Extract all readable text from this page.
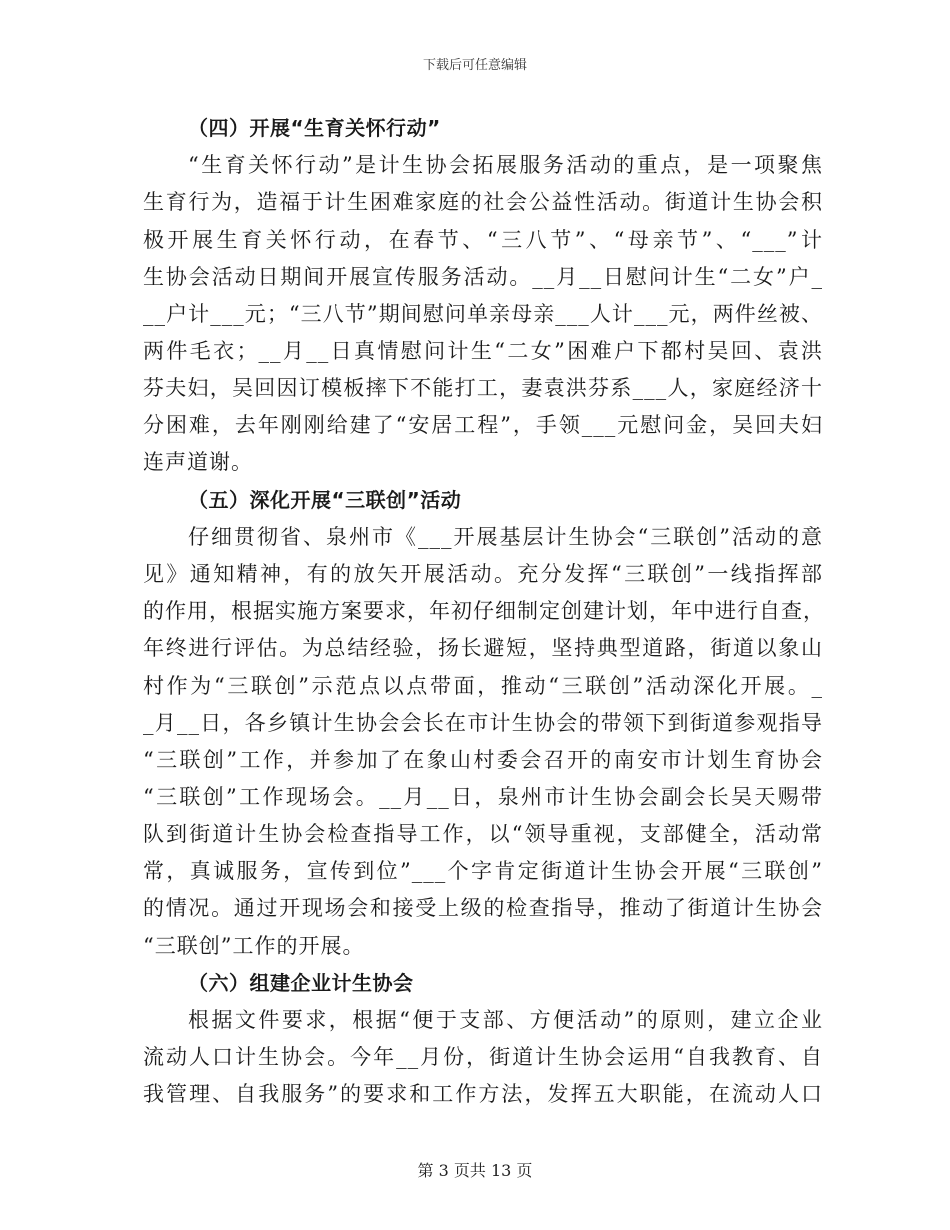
下载后可任意编辑
（四）开展“生育关怀行动”
“生育关怀行动”是计生协会拓展服务活动的重点，是一项聚焦
生育行为，造福于计生困难家庭的社会公益性活动。街道计生协会积
极开展生育关怀行动，在春节、“三八节”、“母亲节”、“___”计
生协会活动日期间开展宣传服务活动。__月__日慰问计生“二女”户_
__户计___元；“三八节”期间慰问单亲母亲___人计___元，两件丝被、
两件毛衣；__月__日真情慰问计生“二女”困难户下都村吴回、袁洪
芬夫妇，吴回因订模板摔下不能打工，妻袁洪芬系___人，家庭经济十
分困难，去年刚刚给建了“安居工程”，手领___元慰问金，吴回夫妇
连声道谢。
（五）深化开展“三联创”活动
仔细贯彻省、泉州市《___开展基层计生协会“三联创”活动的意
见》通知精神，有的放矢开展活动。充分发挥“三联创”一线指挥部
的作用，根据实施方案要求，年初仔细制定创建计划，年中进行自查，
年终进行评估。为总结经验，扬长避短，坚持典型道路，街道以象山
村作为“三联创”示范点以点带面，推动“三联创”活动深化开展。_
_月__日，各乡镇计生协会会长在市计生协会的带领下到街道参观指导
“三联创”工作，并参加了在象山村委会召开的南安市计划生育协会
“三联创”工作现场会。__月__日，泉州市计生协会副会长吴天赐带
队到街道计生协会检查指导工作，以“领导重视，支部健全，活动常
常，真诚服务，宣传到位”___个字肯定街道计生协会开展“三联创”
的情况。通过开现场会和接受上级的检查指导，推动了街道计生协会
“三联创”工作的开展。
（六）组建企业计生协会
根据文件要求，根据“便于支部、方便活动”的原则，建立企业
流动人口计生协会。今年__月份，街道计生协会运用“自我教育、自
我管理、自我服务”的要求和工作方法，发挥五大职能，在流动人口
第 3 页共 13 页
